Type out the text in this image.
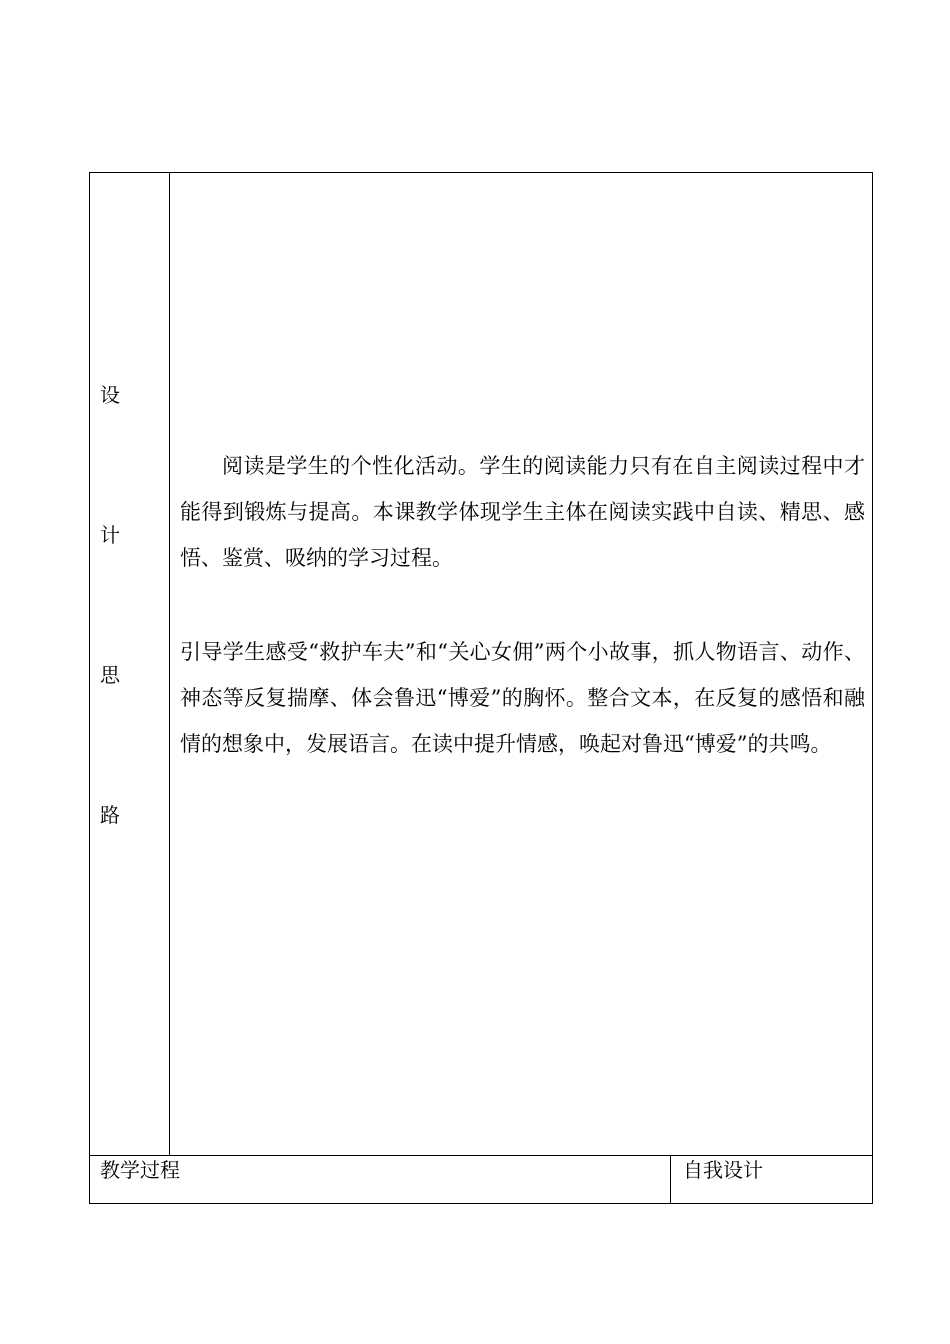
设
计
思
路

阅读是学生的个性化活动。学生的阅读能力只有在自主阅读过程中才能得到锻炼与提高。本课教学体现学生主体在阅读实践中自读、精思、感悟、鉴赏、吸纳的学习过程。

引导学生感受“救护车夫”和“关心女佣”两个小故事，抓人物语言、动作、神态等反复揣摩、体会鲁迅“博爱”的胸怀。整合文本，在反复的感悟和融情的想象中，发展语言。在读中提升情感，唤起对鲁迅“博爱”的共鸣。

教学过程	自我设计
